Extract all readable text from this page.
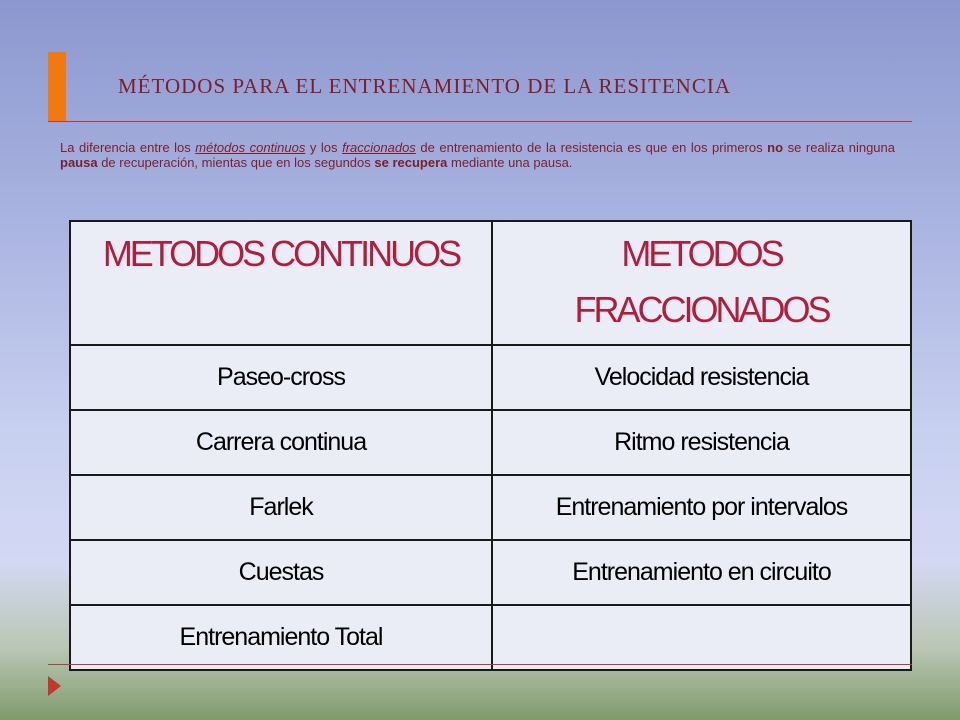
MÉTODOS PARA EL ENTRENAMIENTO DE LA RESITENCIA
La diferencia entre los métodos continuos y los fraccionados de entrenamiento de la resistencia es que en los primeros no se realiza ninguna pausa de recuperación, mientas que en los segundos se recupera mediante una pausa.
METODOS CONTINUOS	METODOS FRACCIONADOS
Paseo-cross	Velocidad resistencia
Carrera continua	Ritmo resistencia
Farlek	Entrenamiento por intervalos
Cuestas	Entrenamiento en circuito
Entrenamiento Total	
